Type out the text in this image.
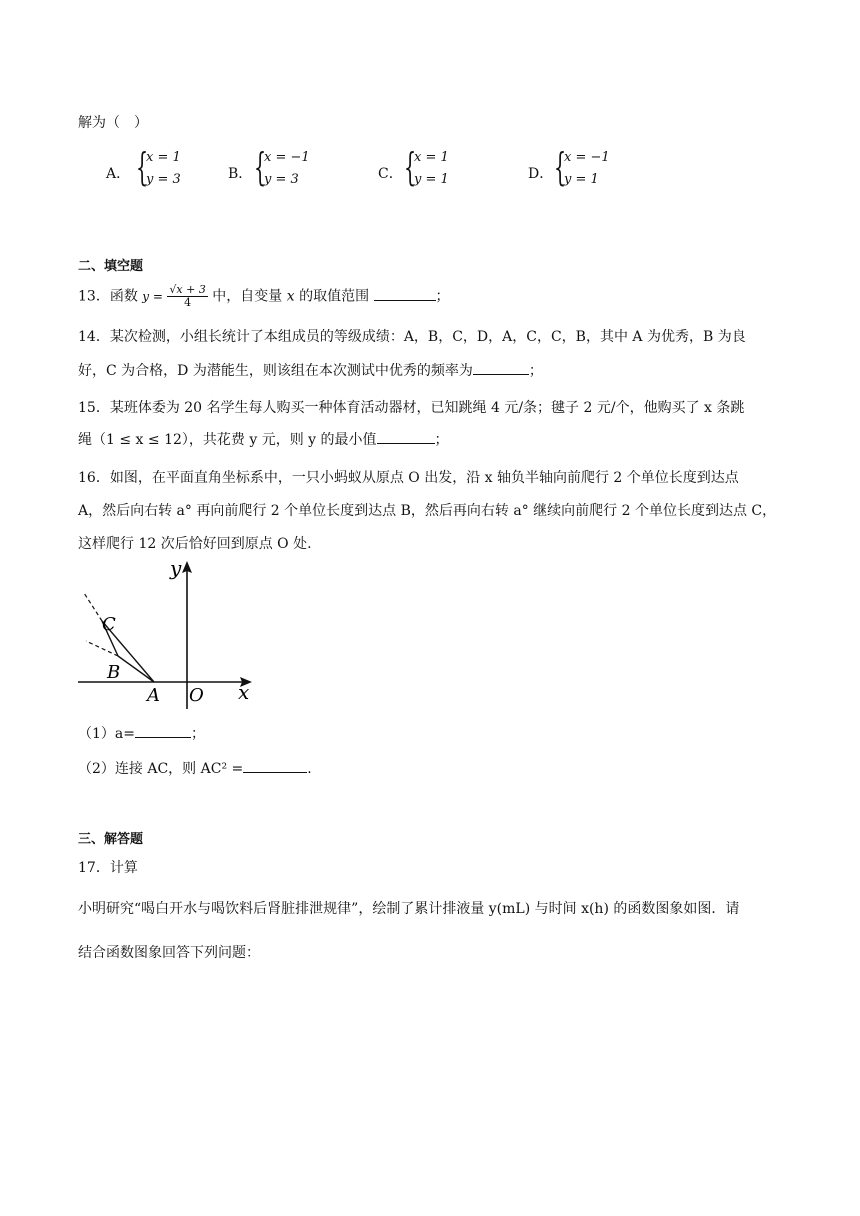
解为（　）
A． {
x = 1
y = 3	B． {
x = −1
y = 3	C． {
x = 1
y = 1	D． {
x = −1
y = 1
二、填空题
13．函数 $y = \frac{√x + 3}{4}$ 中，自变量 x 的取值范围	；
14．某次检测，小组长统计了本组成员的等级成绩：A，B，C，D，A，C，C，B，其中 A 为优秀，B 为良
好，C 为合格，D 为潜能生，则该组在本次测试中优秀的频率为	；
15．某班体委为 20 名学生每人购买一种体育活动器材，已知跳绳 4 元/条；毽子 2 元/个，他购买了 x 条跳
绳（1 ≤ x ≤ 12），共花费 y 元，则 y 的最小值	；
16．如图，在平面直角坐标系中，一只小蚂蚁从原点 O 出发，沿 x 轴负半轴向前爬行 2 个单位长度到达点
A，然后向右转 a° 再向前爬行 2 个单位长度到达点 B，然后再向右转 a° 继续向前爬行 2 个单位长度到达点 C，
这样爬行 12 次后恰好回到原点 O 处.
y
x
A O
B
C
（1）a=	；
（2）连接 AC，则 AC² =	.
三、解答题
17．计算
小明研究“喝白开水与喝饮料后肾脏排泄规律”，绘制了累计排液量 y(mL) 与时间 x(h) 的函数图象如图．请
结合函数图象回答下列问题：
